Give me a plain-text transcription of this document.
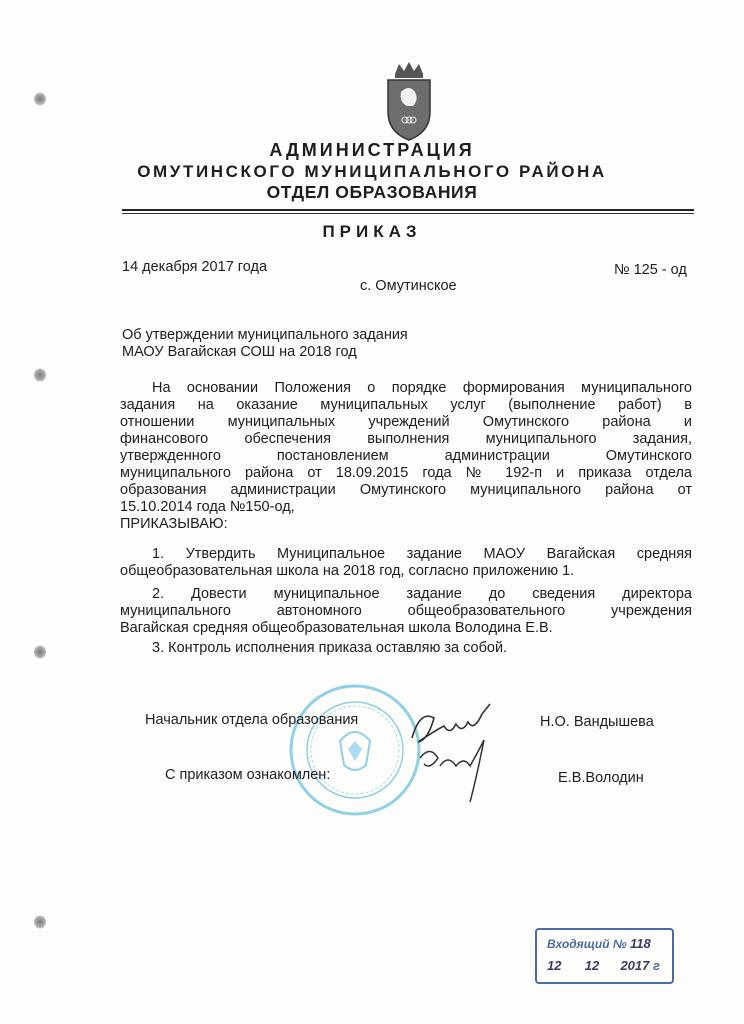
АДМИНИСТРАЦИЯ
ОМУТИНСКОГО МУНИЦИПАЛЬНОГО РАЙОНА
ОТДЕЛ ОБРАЗОВАНИЯ
ПРИКАЗ
14 декабря 2017 года
с. Омутинское
№ 125 - од
Об утверждении муниципального задания
МАОУ Вагайская СОШ на 2018 год
На основании Положения о порядке формирования муниципального
задания на оказание муниципальных услуг (выполнение работ) в
отношении муниципальных учреждений Омутинского района и
финансового обеспечения выполнения муниципального задания,
утвержденного постановлением администрации Омутинского
муниципального района от 18.09.2015 года № 192-п и приказа отдела
образования администрации Омутинского муниципального района от
15.10.2014 года №150-од,
ПРИКАЗЫВАЮ:
1. Утвердить Муниципальное задание МАОУ Вагайская средняя
общеобразовательная школа на 2018 год, согласно приложению 1.
2. Довести муниципальное задание до сведения директора
муниципального автономного общеобразовательного учреждения
Вагайская средняя общеобразовательная школа Володина Е.В.
3. Контроль исполнения приказа оставляю за собой.
Начальник отдела образования	Н.О. Вандышева
С приказом ознакомлен:	Е.В.Володин
Входящий № 118
12 12 2017 г
